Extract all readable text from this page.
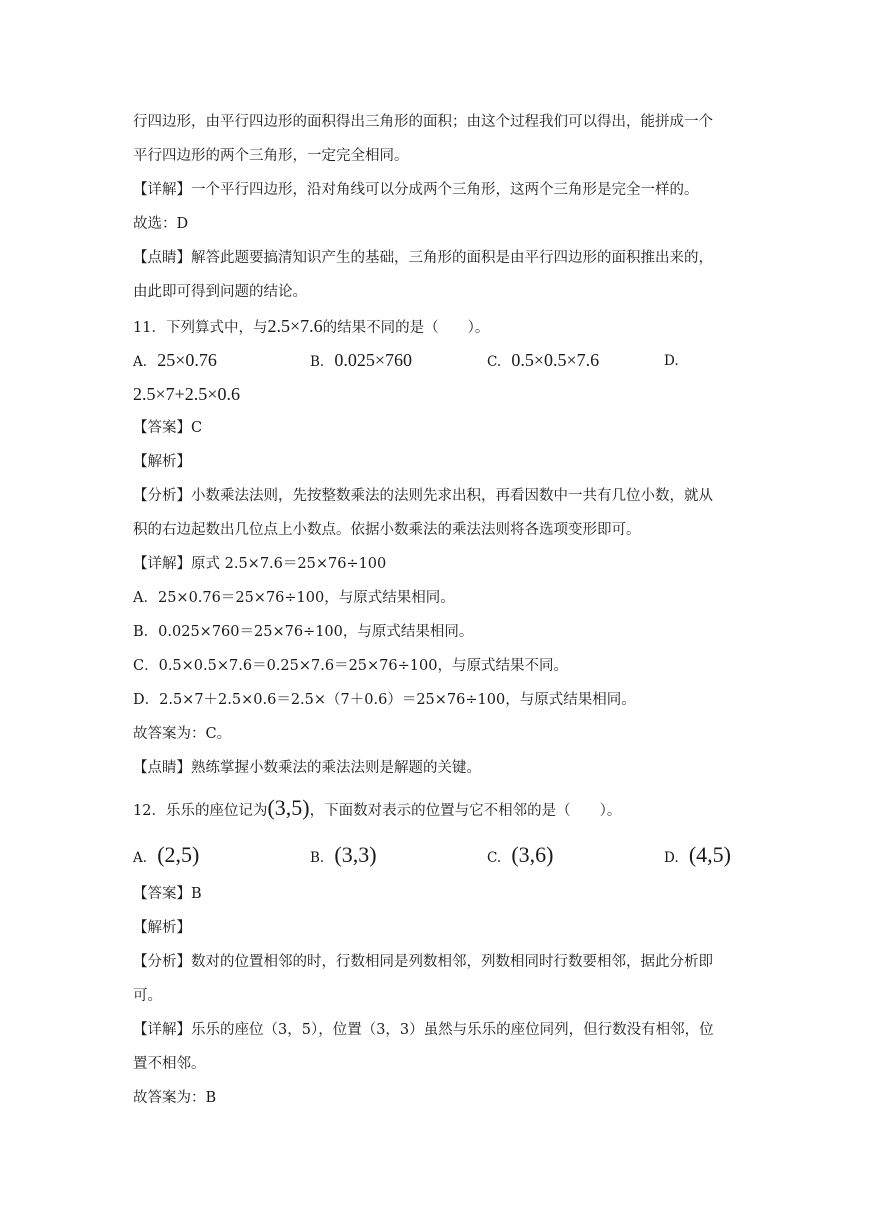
行四边形，由平行四边形的面积得出三角形的面积；由这个过程我们可以得出，能拼成一个
平行四边形的两个三角形，一定完全相同。
【详解】一个平行四边形，沿对角线可以分成两个三角形，这两个三角形是完全一样的。
故选：D
【点睛】解答此题要搞清知识产生的基础，三角形的面积是由平行四边形的面积推出来的，
由此即可得到问题的结论。
11．下列算式中，与2.5×7.6的结果不同的是（　　）。
A. 25×0.76	B. 0.025×760	C. 0.5×0.5×7.6	D.
2.5×7+2.5×0.6
【答案】C
【解析】
【分析】小数乘法法则，先按整数乘法的法则先求出积，再看因数中一共有几位小数，就从
积的右边起数出几位点上小数点。依据小数乘法的乘法法则将各选项变形即可。
【详解】原式 2.5×7.6＝25×76÷100
A．25×0.76＝25×76÷100，与原式结果相同。
B．0.025×760＝25×76÷100，与原式结果相同。
C．0.5×0.5×7.6＝0.25×7.6＝25×76÷100，与原式结果不同。
D．2.5×7＋2.5×0.6＝2.5×（7＋0.6）＝25×76÷100，与原式结果相同。
故答案为：C。
【点睛】熟练掌握小数乘法的乘法法则是解题的关键。
12．乐乐的座位记为(3,5)，下面数对表示的位置与它不相邻的是（　　）。
A. (2,5)	B. (3,3)	C. (3,6)	D. (4,5)
【答案】B
【解析】
【分析】数对的位置相邻的时，行数相同是列数相邻，列数相同时行数要相邻，据此分析即
可。
【详解】乐乐的座位（3，5），位置（3，3）虽然与乐乐的座位同列，但行数没有相邻，位
置不相邻。
故答案为：B
